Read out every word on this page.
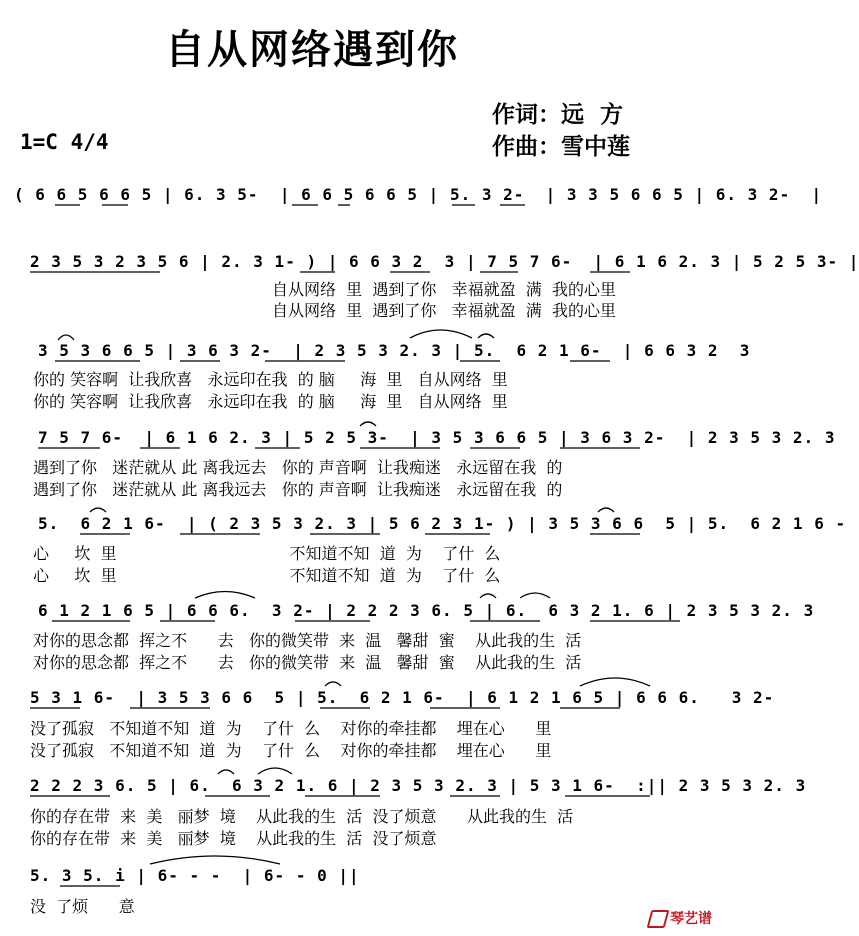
自从网络遇到你
作词：远  方
作曲：雪中莲
1=C 4/4
( 6 6 5 6 6 5 | 6. 3 5-  | 6 6 5 6 6 5 | 5. 3 2-  | 3 3 5 6 6 5 | 6. 3 2-  |
2 3 5 3 2 3 5 6 | 2. 3 1- ) | 6 6 3 2  3 | 7 5 7 6-  | 6 1 6 2. 3 | 5 2 5 3- |
自从网络  里  遇到了你   幸福就盈  满  我的心里
自从网络  里  遇到了你   幸福就盈  满  我的心里
3 5 3 6 6 5 | 3 6 3 2-  | 2 3 5 3 2. 3 | 5.  6 2 1 6-  | 6 6 3 2  3
你的 笑容啊  让我欣喜   永远印在我  的 脑     海  里   自从网络  里
你的 笑容啊  让我欣喜   永远印在我  的 脑     海  里   自从网络  里
7 5 7 6-  | 6 1 6 2. 3 | 5 2 5 3-  | 3 5 3 6 6 5 | 3 6 3 2-  | 2 3 5 3 2. 3
遇到了你   迷茫就从 此 离我远去   你的 声音啊  让我痴迷   永远留在我  的
遇到了你   迷茫就从 此 离我远去   你的 声音啊  让我痴迷   永远留在我  的
5.  6 2 1 6-  | ( 2 3 5 3 2. 3 | 5 6 2 3 1- ) | 3 5 3 6 6  5 | 5.  6 2 1 6 -
心     坎  里                                  不知道不知  道  为    了什  么
心     坎  里                                  不知道不知  道  为    了什  么
6 1 2 1 6 5 | 6 6 6.  3 2- | 2 2 2 3 6. 5 | 6.  6 3 2 1. 6 | 2 3 5 3 2. 3
对你的思念都  挥之不      去   你的微笑带  来  温   馨甜  蜜    从此我的生  活
对你的思念都  挥之不      去   你的微笑带  来  温   馨甜  蜜    从此我的生  活
5 3 1 6-  | 3 5 3 6 6  5 | 5.  6 2 1 6-  | 6 1 2 1 6 5 | 6 6 6.   3 2-
没了孤寂   不知道不知  道  为    了什  么    对你的牵挂都    埋在心      里
没了孤寂   不知道不知  道  为    了什  么    对你的牵挂都    埋在心      里
2 2 2 3 6. 5 | 6.  6 3 2 1. 6 | 2 3 5 3 2. 3 | 5 3 1 6-  :|| 2 3 5 3 2. 3
你的存在带  来  美   丽梦  境    从此我的生  活  没了烦意      从此我的生  活
你的存在带  来  美   丽梦  境    从此我的生  活  没了烦意
5. 3 5. i | 6- - -  | 6- - 0 ||
没  了烦      意
琴艺谱
